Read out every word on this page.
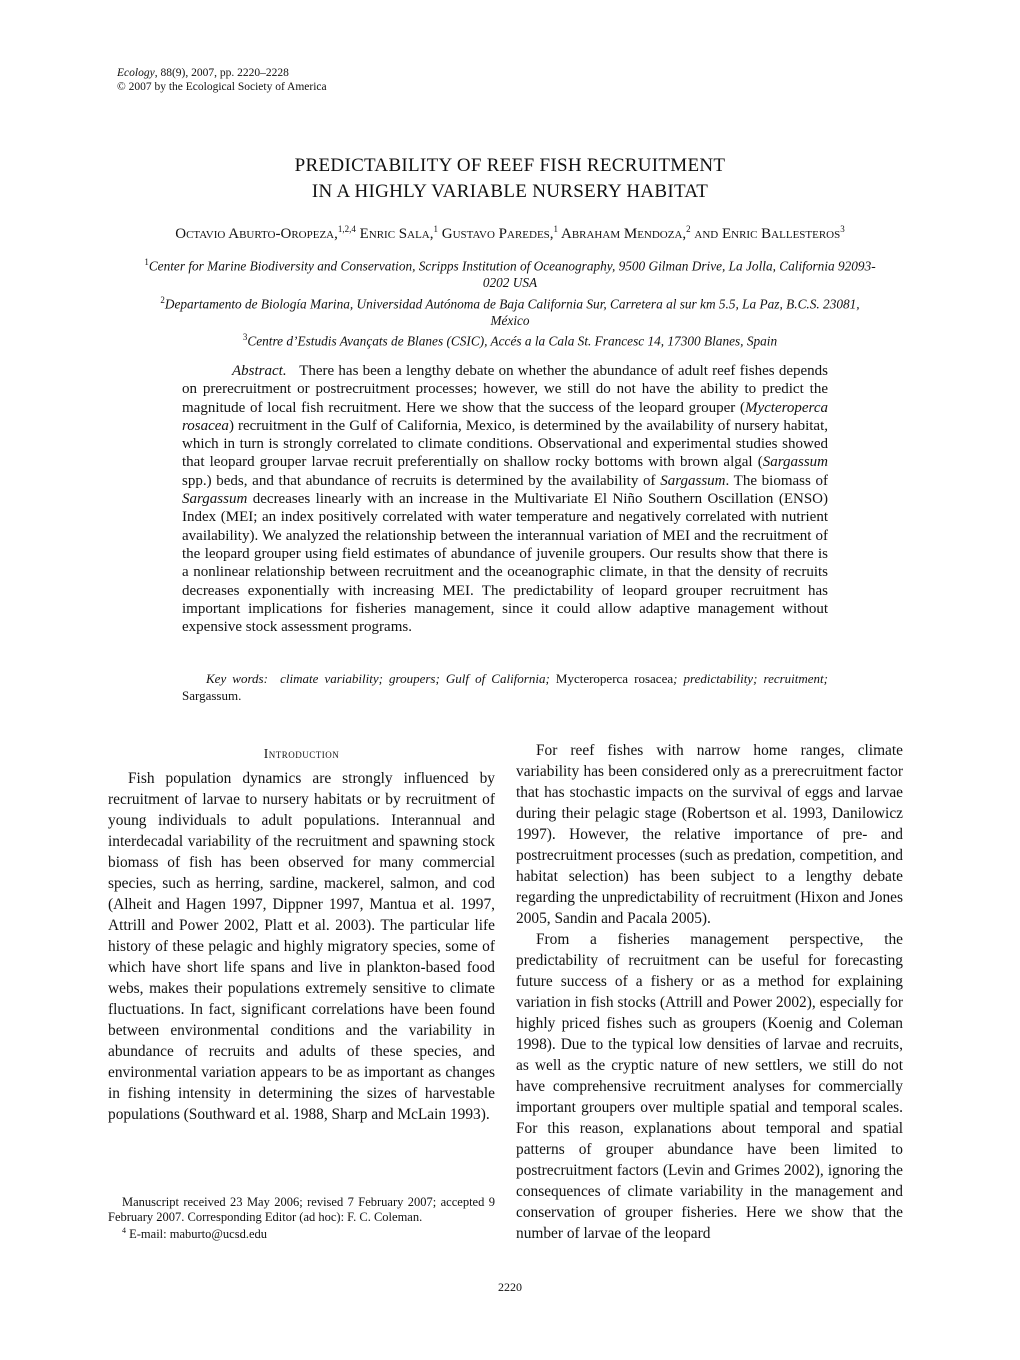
Ecology, 88(9), 2007, pp. 2220–2228
© 2007 by the Ecological Society of America
PREDICTABILITY OF REEF FISH RECRUITMENT
IN A HIGHLY VARIABLE NURSERY HABITAT
Octavio Aburto-Oropeza,$^{1,2,4}$ Enric Sala,$^1$ Gustavo Paredes,$^1$ Abraham Mendoza,$^2$ and Enric Ballesteros$^3$
$^1$Center for Marine Biodiversity and Conservation, Scripps Institution of Oceanography, 9500 Gilman Drive, La Jolla, California 92093-0202 USA
$^2$Departamento de Biología Marina, Universidad Autónoma de Baja California Sur, Carretera al sur km 5.5, La Paz, B.C.S. 23081, México
$^3$Centre d’Estudis Avançats de Blanes (CSIC), Accés a la Cala St. Francesc 14, 17300 Blanes, Spain
Abstract. There has been a lengthy debate on whether the abundance of adult reef fishes depends on prerecruitment or postrecruitment processes; however, we still do not have the ability to predict the magnitude of local fish recruitment. Here we show that the success of the leopard grouper (Mycteroperca rosacea) recruitment in the Gulf of California, Mexico, is determined by the availability of nursery habitat, which in turn is strongly correlated to climate conditions. Observational and experimental studies showed that leopard grouper larvae recruit preferentially on shallow rocky bottoms with brown algal (Sargassum spp.) beds, and that abundance of recruits is determined by the availability of Sargassum. The biomass of Sargassum decreases linearly with an increase in the Multivariate El Niño Southern Oscillation (ENSO) Index (MEI; an index positively correlated with water temperature and negatively correlated with nutrient availability). We analyzed the relationship between the interannual variation of MEI and the recruitment of the leopard grouper using field estimates of abundance of juvenile groupers. Our results show that there is a nonlinear relationship between recruitment and the oceanographic climate, in that the density of recruits decreases exponentially with increasing MEI. The predictability of leopard grouper recruitment has important implications for fisheries management, since it could allow adaptive management without expensive stock assessment programs.
Key words: climate variability; groupers; Gulf of California; Mycteroperca rosacea; predictability; recruitment; Sargassum.
Introduction

Fish population dynamics are strongly influenced by recruitment of larvae to nursery habitats or by recruitment of young individuals to adult populations. Interannual and interdecadal variability of the recruitment and spawning stock biomass of fish has been observed for many commercial species, such as herring, sardine, mackerel, salmon, and cod (Alheit and Hagen 1997, Dippner 1997, Mantua et al. 1997, Attrill and Power 2002, Platt et al. 2003). The particular life history of these pelagic and highly migratory species, some of which have short life spans and live in plankton-based food webs, makes their populations extremely sensitive to climate fluctuations. In fact, significant correlations have been found between environmental conditions and the variability in abundance of recruits and adults of these species, and environmental variation appears to be as important as changes in fishing intensity in determining the sizes of harvestable populations (Southward et al. 1988, Sharp and McLain 1993).

For reef fishes with narrow home ranges, climate variability has been considered only as a prerecruitment factor that has stochastic impacts on the survival of eggs and larvae during their pelagic stage (Robertson et al. 1993, Danilowicz 1997). However, the relative importance of pre- and postrecruitment processes (such as predation, competition, and habitat selection) has been subject to a lengthy debate regarding the unpredictability of recruitment (Hixon and Jones 2005, Sandin and Pacala 2005).

From a fisheries management perspective, the predictability of recruitment can be useful for forecasting future success of a fishery or as a method for explaining variation in fish stocks (Attrill and Power 2002), especially for highly priced fishes such as groupers (Koenig and Coleman 1998). Due to the typical low densities of larvae and recruits, as well as the cryptic nature of new settlers, we still do not have comprehensive recruitment analyses for commercially important groupers over multiple spatial and temporal scales. For this reason, explanations about temporal and spatial patterns of grouper abundance have been limited to postrecruitment factors (Levin and Grimes 2002), ignoring the consequences of climate variability in the management and conservation of grouper fisheries. Here we show that the number of larvae of the leopard

Manuscript received 23 May 2006; revised 7 February 2007; accepted 9 February 2007. Corresponding Editor (ad hoc): F. C. Coleman.

$^4$ E-mail: maburto@ucsd.edu

2220
